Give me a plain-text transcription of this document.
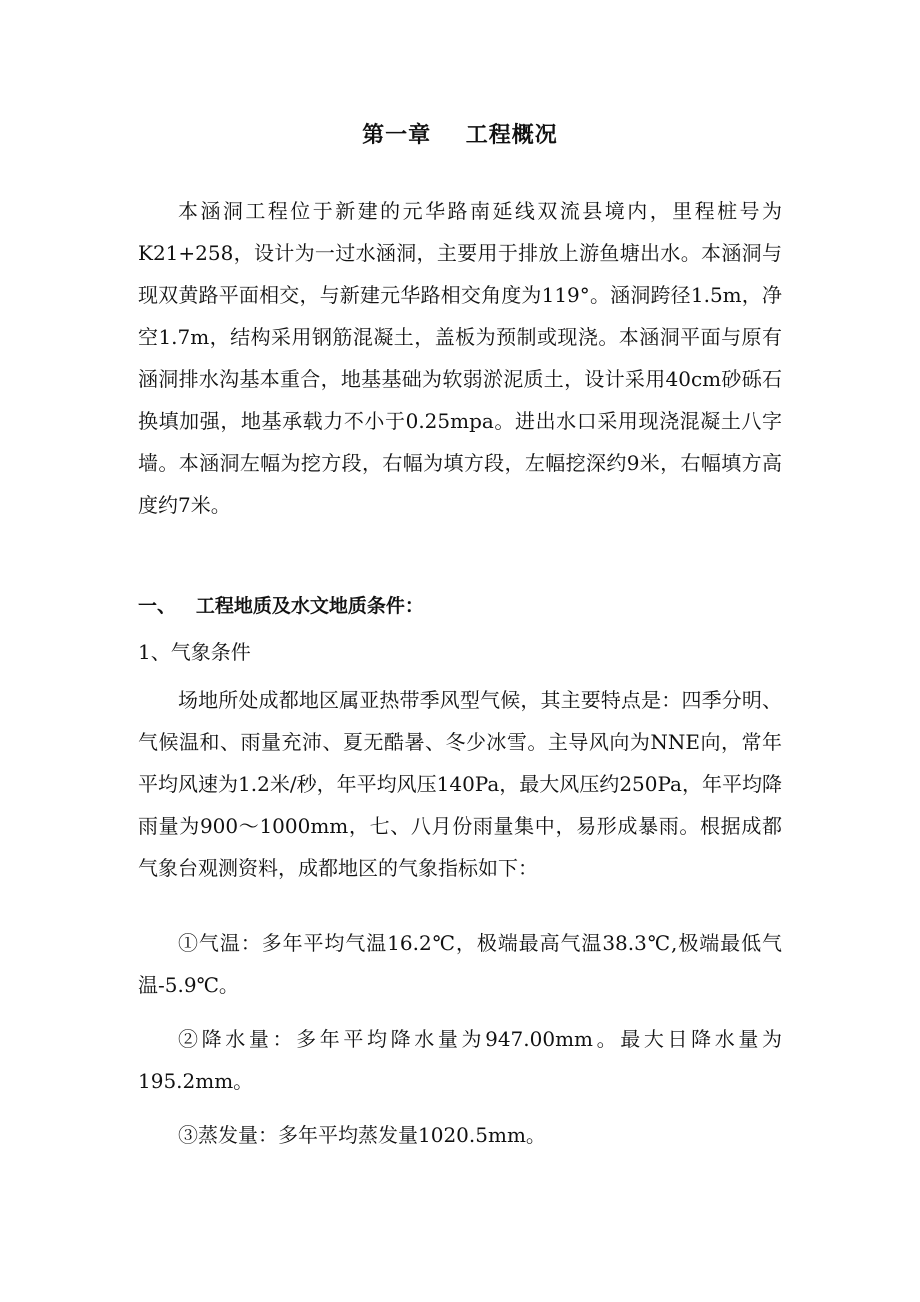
第一章    工程概况

本涵洞工程位于新建的元华路南延线双流县境内，里程桩号为K21+258，设计为一过水涵洞，主要用于排放上游鱼塘出水。本涵洞与现双黄路平面相交，与新建元华路相交角度为119°。涵洞跨径1.5m，净空1.7m，结构采用钢筋混凝土，盖板为预制或现浇。本涵洞平面与原有涵洞排水沟基本重合，地基基础为软弱淤泥质土，设计采用40cm砂砾石换填加强，地基承载力不小于0.25mpa。进出水口采用现浇混凝土八字墙。本涵洞左幅为挖方段，右幅为填方段，左幅挖深约9米，右幅填方高度约7米。

一、   工程地质及水文地质条件：
1、气象条件

场地所处成都地区属亚热带季风型气候，其主要特点是：四季分明、气候温和、雨量充沛、夏无酷暑、冬少冰雪。主导风向为NNE向，常年平均风速为1.2米/秒，年平均风压140Pa，最大风压约250Pa，年平均降雨量为900～1000mm，七、八月份雨量集中，易形成暴雨。根据成都气象台观测资料，成都地区的气象指标如下：

①气温：多年平均气温16.2℃，极端最高气温38.3℃,极端最低气温-5.9℃。

②降水量：多年平均降水量为947.00mm。最大日降水量为195.2mm。

③蒸发量：多年平均蒸发量1020.5mm。
